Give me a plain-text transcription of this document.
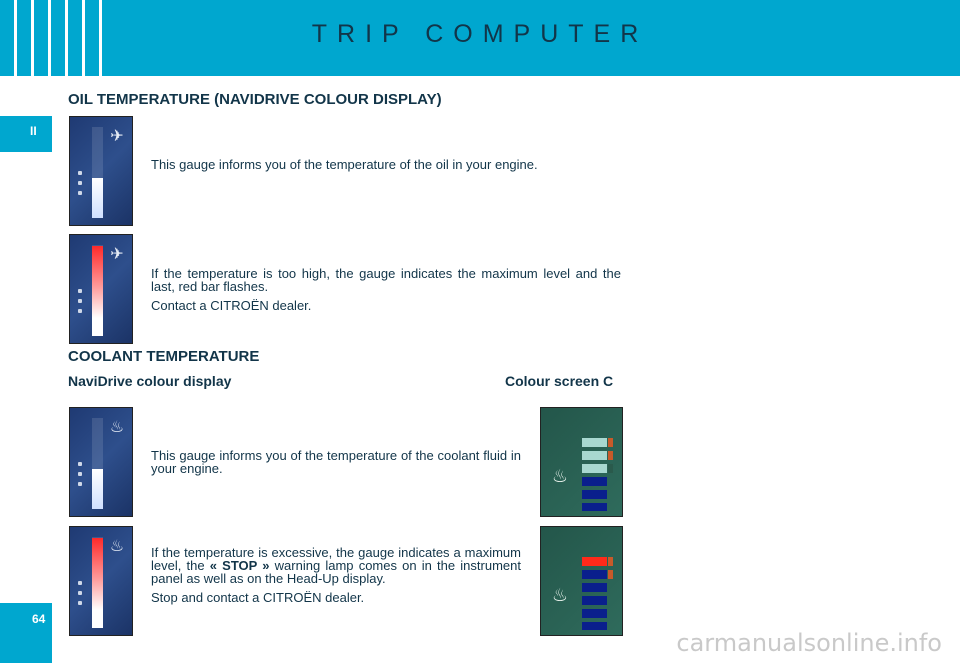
TRIP COMPUTER
II
64
OIL TEMPERATURE (NAVIDRIVE COLOUR DISPLAY)
✈

This gauge informs you of the temperature of the oil in your engine.

✈

If the temperature is too high, the gauge indicates the maximum level and the last, red bar flashes.

Contact a CITROËN dealer.

COOLANT TEMPERATURE
NaviDrive colour display	Colour screen C
♨

This gauge informs you of the temperature of the coolant fluid in your engine.	♨
♨ If the temperature is excessive, the gauge indicates a maximum level, the « STOP » warning lamp comes on in the instrument panel as well as on the Head-Up display.

Stop and contact a CITROËN dealer.	♨
carmanualsonline.info
